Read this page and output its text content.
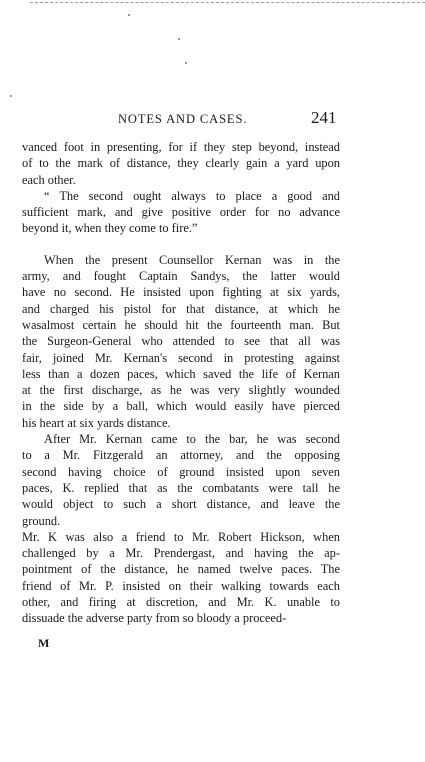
NOTES AND CASES.	241

vanced foot in presenting, for if they step beyond, instead
of to the mark of distance, they clearly gain a yard upon
each other.

“ The second ought always to place a good and
sufficient mark, and give positive order for no advance
beyond it, when they come to fire.”

When the present Counsellor Kernan was in the
army, and fought Captain Sandys, the latter would
have no second. He insisted upon fighting at six yards,
and charged his pistol for that distance, at which he
wasalmost certain he should hit the fourteenth man. But
the Surgeon-General who attended to see that all was
fair, joined Mr. Kernan's second in protesting against
less than a dozen paces, which saved the life of Kernan
at the first discharge, as he was very slightly wounded
in the side by a ball, which would easily have pierced
his heart at six yards distance.

After Mr. Kernan came to the bar, he was second
to a Mr. Fitzgerald an attorney, and the opposing
second having choice of ground insisted upon seven
paces, K. replied that as the combatants were tall he
would object to such a short distance, and leave the
ground.

Mr. K was also a friend to Mr. Robert Hickson, when
challenged by a Mr. Prendergast, and having the ap-
pointment of the distance, he named twelve paces. The
friend of Mr. P. insisted on their walking towards each
other, and firing at discretion, and Mr. K. unable to
dissuade the adverse party from so bloody a proceed-

M
